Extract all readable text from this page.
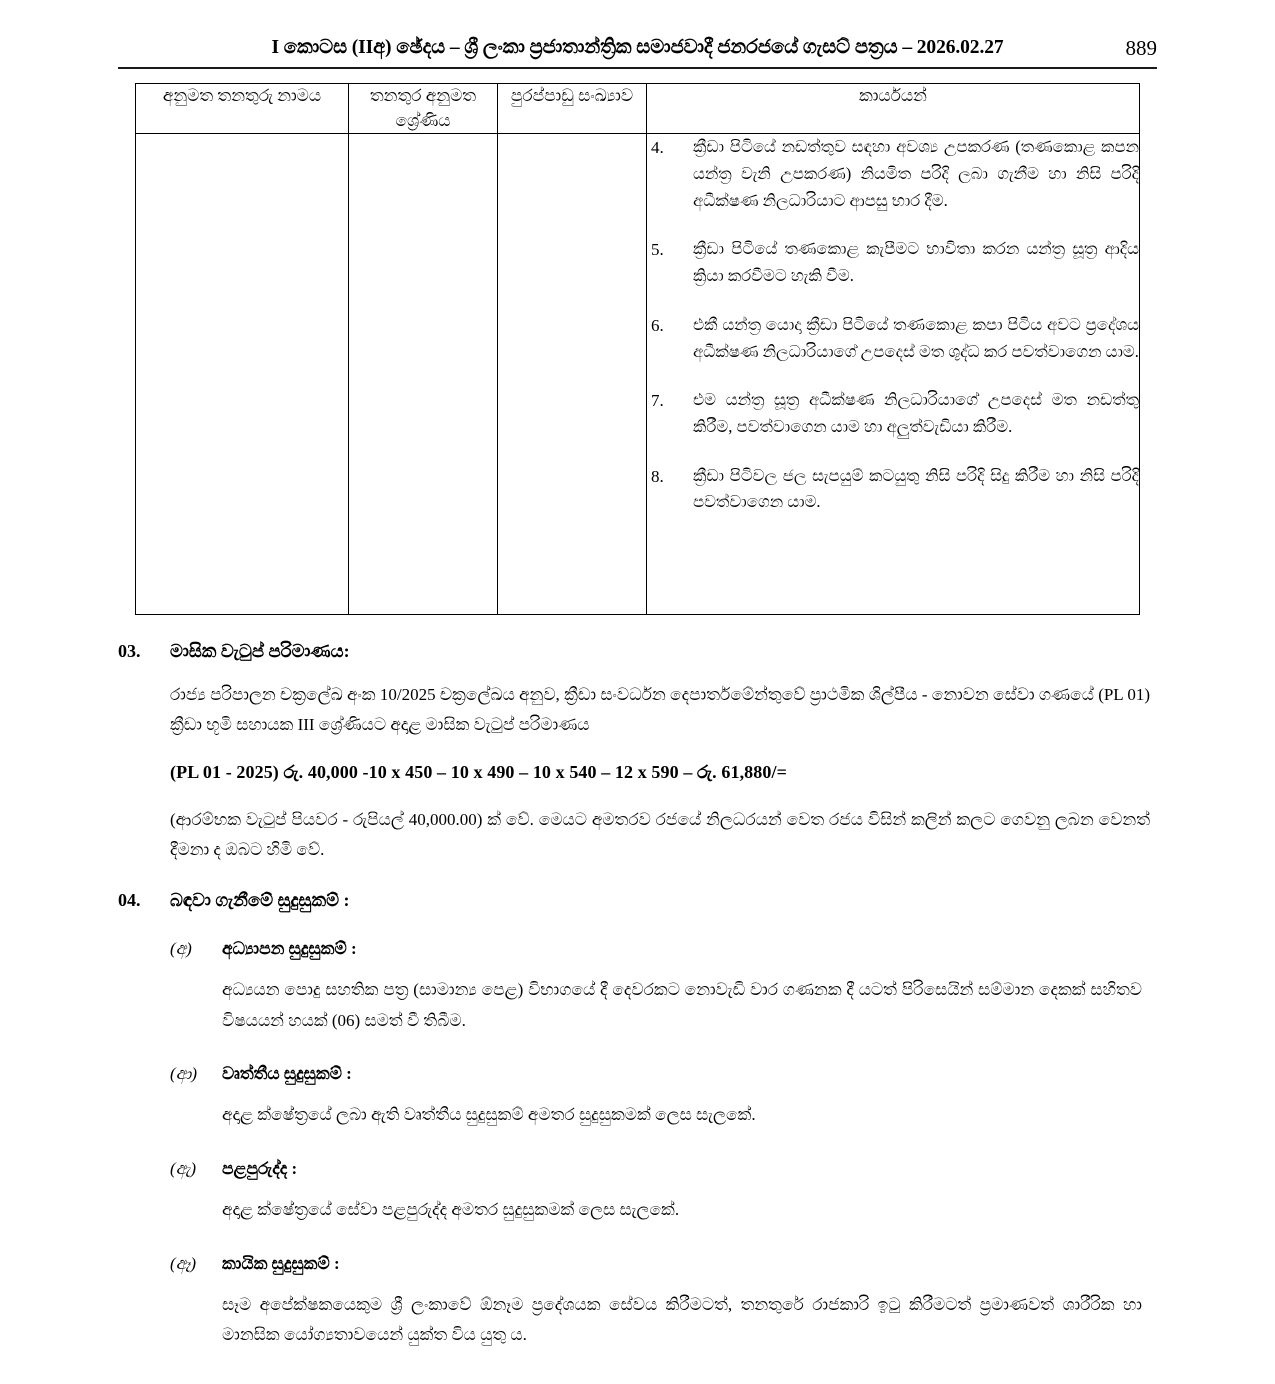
I කොටස (IIඅ) ඡේදය – ශ්‍රී ලංකා ප්‍රජාතාන්ත්‍රික සමාජවාදී ජනරජයේ ගැසට් පත්‍රය – 2026.02.27	889
අනුමත තනතුරු නාමය	තනතුර අනුමත ශ්‍රේණිය	පුරප්පාඩු සංඛ්‍යාව	කාර්යයන්

4.	ක්‍රීඩා පිටියේ නඩත්තුව සඳහා අවශ්‍ය උපකරණ (තණකොළ කපන යන්ත්‍ර වැනි උපකරණ) නියමිත පරිදි ලබා ගැනීම හා නිසි පරිදි අධීක්ෂණ නිලධාරියාට ආපසු භාර දීම.
5.	ක්‍රීඩා පිටියේ තණකොළ කැපීමට භාවිතා කරන යන්ත්‍ර සූත්‍ර ආදිය ක්‍රියා කරවීමට හැකි වීම.
6.	එකී යන්ත්‍ර යොදා ක්‍රීඩා පිටියේ තණකොළ කපා පිටිය අවට ප්‍රදේශය අධීක්ෂණ නිලධාරියාගේ උපදෙස් මත ශුද්ධ කර පවත්වාගෙන යාම.
7.	එම යන්ත්‍ර සූත්‍ර අධීක්ෂණ නිලධාරියාගේ උපදෙස් මත නඩත්තු කිරීම, පවත්වාගෙන යාම හා අලුත්වැඩියා කිරීම.
8.	ක්‍රීඩා පිටිවල ජල සැපයුම් කටයුතු නිසි පරිදි සිදු කිරීම හා නිසි පරිදි පවත්වාගෙන යාම.
03.	මාසික වැටුප් පරිමාණය:
රාජ්‍ය පරිපාලන චක්‍රලේඛ අංක 10/2025 චක්‍රලේඛය අනුව, ක්‍රීඩා සංවර්ධන දෙපාර්තමේන්තුවේ ප්‍රාථමික ශිල්පීය - නොවන සේවා ගණයේ (PL 01) ක්‍රීඩා භූමි සහායක III ශ්‍රේණියට අදාළ මාසික වැටුප් පරිමාණය
(PL 01 - 2025) රු. 40,000 -10 x 450 – 10 x 490 – 10 x 540 – 12 x 590 – රු. 61,880/=
(ආරම්භක වැටුප් පියවර - රුපියල් 40,000.00) ක් වේ. මෙයට අමතරව රජයේ නිලධරයන් වෙත රජය විසින් කලින් කලට ගෙවනු ලබන වෙනත් දීමනා ද ඔබට හිමි වේ.
04.	බඳවා ගැනීමේ සුදුසුකම් :
(අ)	අධ්‍යාපන සුදුසුකම් :
අධ්‍යයන පොදු සහතික පත්‍ර (සාමාන්‍ය පෙළ) විභාගයේ දී දෙවරකට නොවැඩි වාර ගණනක දී යටත් පිරිසෙයින් සම්මාන දෙකක් සහිතව විෂයයන් හයක් (06) සමත් වී තිබීම.
(ආ)	වෘත්තීය සුදුසුකම් :
අදාළ ක්ෂේත්‍රයේ ලබා ඇති වෘත්තීය සුදුසුකම් අමතර සුදුසුකමක් ලෙස සැලකේ.
(ඇ)	පළපුරුද්ද :
අදාළ ක්ෂේත්‍රයේ සේවා පළපුරුද්ද අමතර සුදුසුකමක් ලෙස සැලකේ.
(ඈ)	කායික සුදුසුකම් :
සෑම අපේක්ෂකයෙකුම ශ්‍රී ලංකාවේ ඕනෑම ප්‍රදේශයක සේවය කිරීමටත්, තනතුරේ රාජකාරි ඉටු කිරීමටත් ප්‍රමාණවත් ශාරීරික හා මානසික යෝග්‍යතාවයෙන් යුක්ත විය යුතු ය.
